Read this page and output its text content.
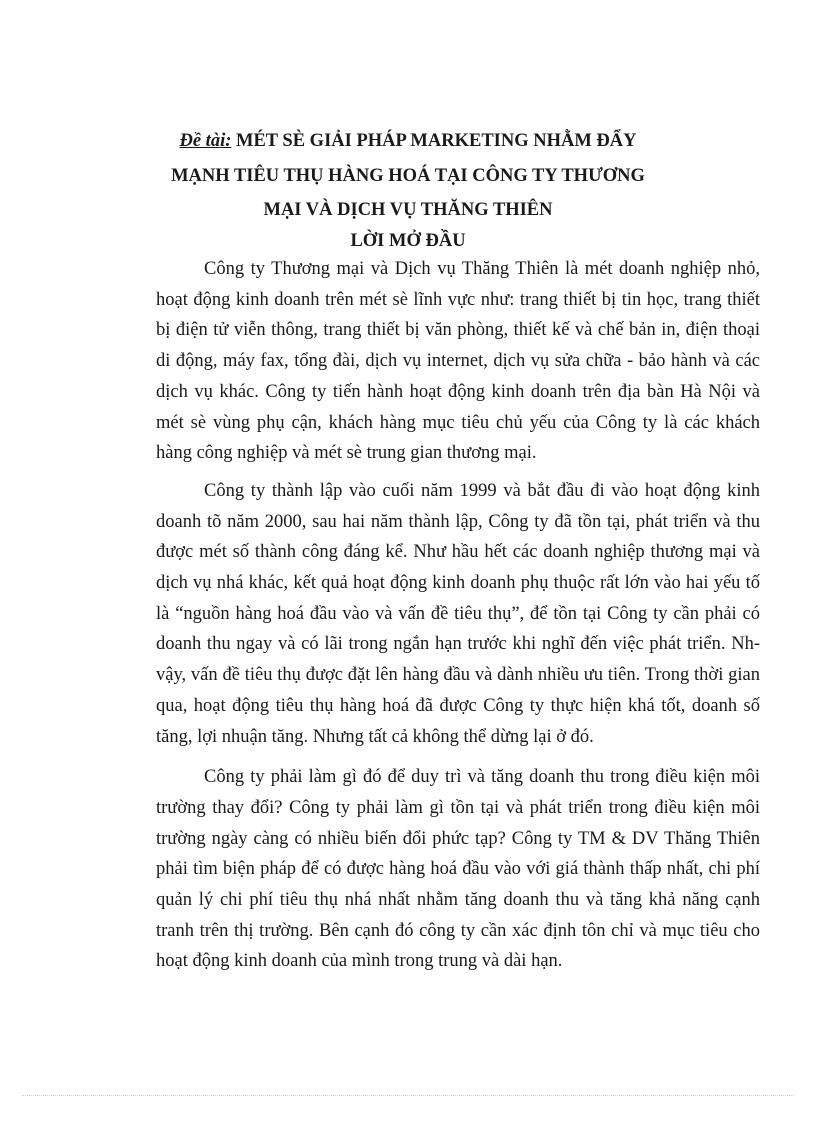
Đề tài: MÉT SÈ GIẢI PHÁP MARKETING NHẰM ĐẨY MẠNH TIÊU THỤ HÀNG HOÁ TẠI CÔNG TY THƯƠNG MẠI VÀ DỊCH VỤ THĂNG THIÊN
LỜI MỞ ĐẦU

Công ty Thương mại và Dịch vụ Thăng Thiên là mét doanh nghiệp nhỏ, hoạt động kinh doanh trên mét sè lĩnh vực như: trang thiết bị tin học, trang thiết bị điện tử viễn thông, trang thiết bị văn phòng, thiết kế và chế bản in, điện thoại di động, máy fax, tổng đài, dịch vụ internet, dịch vụ sửa chữa - bảo hành và các dịch vụ khác. Công ty tiến hành hoạt động kinh doanh trên địa bàn Hà Nội và mét sè vùng phụ cận, khách hàng mục tiêu chủ yếu của Công ty là các khách hàng công nghiệp và mét sè trung gian thương mại.

Công ty thành lập vào cuối năm 1999 và bắt đầu đi vào hoạt động kinh doanh tõ năm 2000, sau hai năm thành lập, Công ty đã tồn tại, phát triển và thu được mét số thành công đáng kể. Như hầu hết các doanh nghiệp thương mại và dịch vụ nhá khác, kết quả hoạt động kinh doanh phụ thuộc rất lớn vào hai yếu tố là “nguồn hàng hoá đầu vào và vấn đề tiêu thụ”, để tồn tại Công ty cần phải có doanh thu ngay và có lãi trong ngắn hạn trước khi nghĩ đến việc phát triển. Nh vậy, vấn đề tiêu thụ được đặt lên hàng đầu và dành nhiều ưu tiên. Trong thời gian qua, hoạt động tiêu thụ hàng hoá đã được Công ty thực hiện khá tốt, doanh số tăng, lợi nhuận tăng. Nhưng tất cả không thể dừng lại ở đó.

Công ty phải làm gì đó để duy trì và tăng doanh thu trong điều kiện môi trường thay đổi? Công ty phải làm gì tồn tại và phát triển trong điều kiện môi trường ngày càng có nhiều biến đổi phức tạp? Công ty TM & DV Thăng Thiên phải tìm biện pháp để có được hàng hoá đầu vào với giá thành thấp nhất, chi phí quản lý chi phí tiêu thụ nhá nhất nhằm tăng doanh thu và tăng khả năng cạnh tranh trên thị trường. Bên cạnh đó công ty cần xác định tôn chỉ và mục tiêu cho hoạt động kinh doanh của mình trong trung và dài hạn.
